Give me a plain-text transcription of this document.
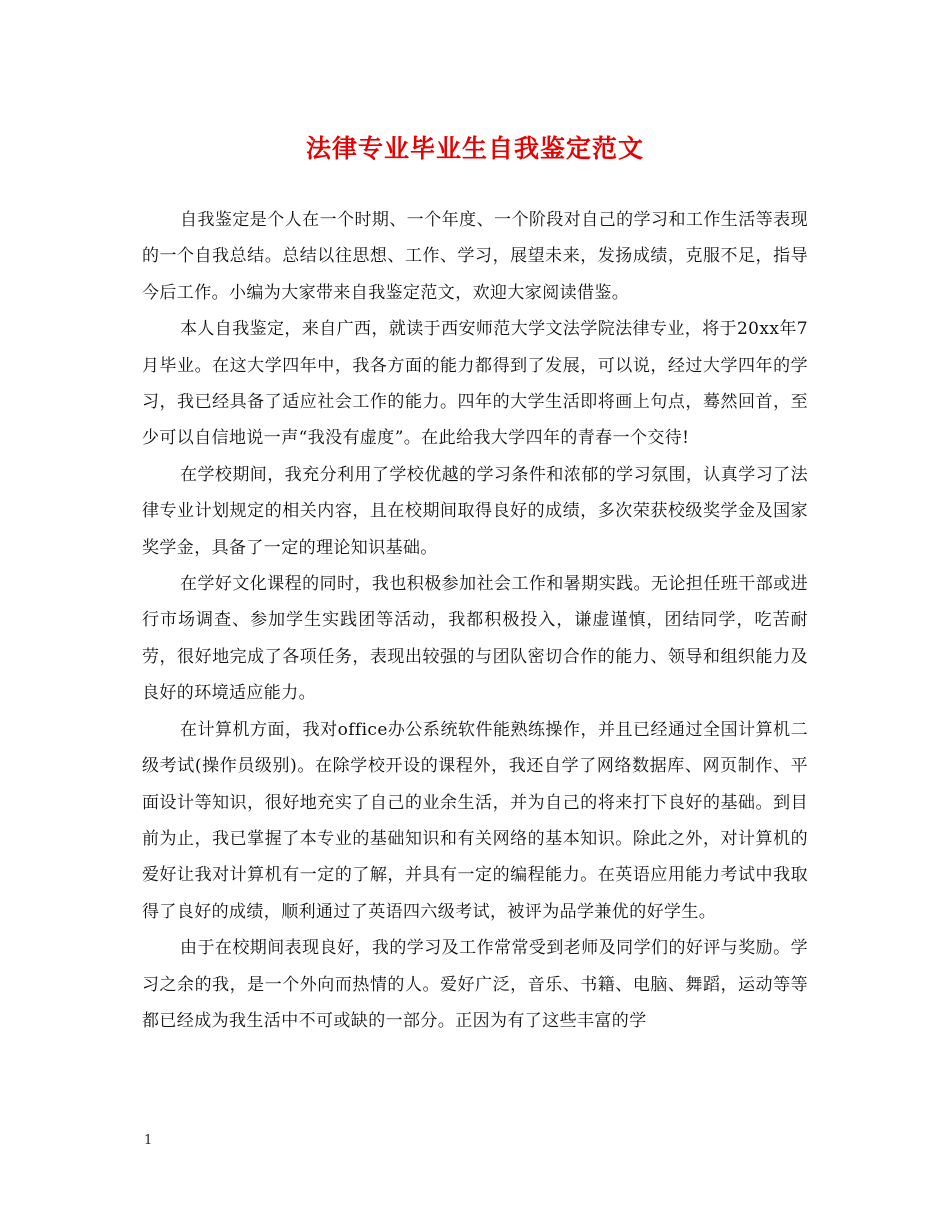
法律专业毕业生自我鉴定范文

自我鉴定是个人在一个时期、一个年度、一个阶段对自己的学习和工作生活等表现的一个自我总结。总结以往思想、工作、学习，展望未来，发扬成绩，克服不足，指导今后工作。小编为大家带来自我鉴定范文，欢迎大家阅读借鉴。

本人自我鉴定，来自广西，就读于西安师范大学文法学院法律专业，将于20xx年7月毕业。在这大学四年中，我各方面的能力都得到了发展，可以说，经过大学四年的学习，我已经具备了适应社会工作的能力。四年的大学生活即将画上句点，蓦然回首，至少可以自信地说一声“我没有虚度”。在此给我大学四年的青春一个交待!

在学校期间，我充分利用了学校优越的学习条件和浓郁的学习氛围，认真学习了法律专业计划规定的相关内容，且在校期间取得良好的成绩，多次荣获校级奖学金及国家奖学金，具备了一定的理论知识基础。

在学好文化课程的同时，我也积极参加社会工作和暑期实践。无论担任班干部或进行市场调查、参加学生实践团等活动，我都积极投入，谦虚谨慎，团结同学，吃苦耐劳，很好地完成了各项任务，表现出较强的与团队密切合作的能力、领导和组织能力及良好的环境适应能力。

在计算机方面，我对office办公系统软件能熟练操作，并且已经通过全国计算机二级考试(操作员级别)。在除学校开设的课程外，我还自学了网络数据库、网页制作、平面设计等知识，很好地充实了自己的业余生活，并为自己的将来打下良好的基础。到目前为止，我已掌握了本专业的基础知识和有关网络的基本知识。除此之外，对计算机的爱好让我对计算机有一定的了解，并具有一定的编程能力。在英语应用能力考试中我取得了良好的成绩，顺利通过了英语四六级考试，被评为品学兼优的好学生。

由于在校期间表现良好，我的学习及工作常常受到老师及同学们的好评与奖励。学习之余的我，是一个外向而热情的人。爱好广泛，音乐、书籍、电脑、舞蹈，运动等等都已经成为我生活中不可或缺的一部分。正因为有了这些丰富的学

1
